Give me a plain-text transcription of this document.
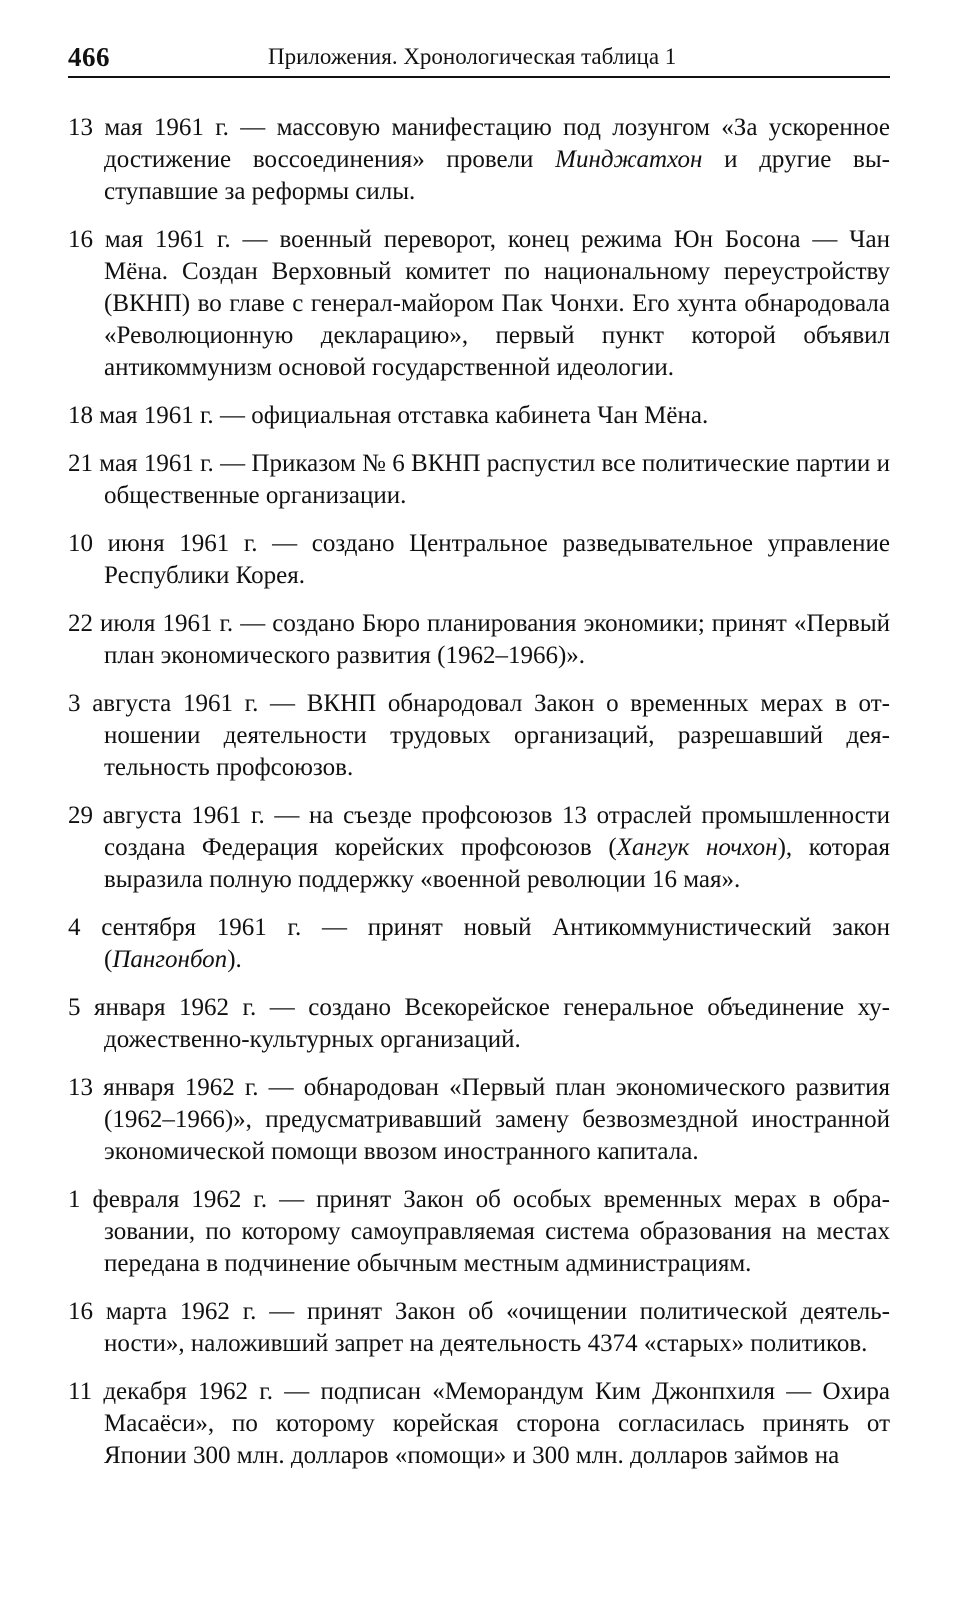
466	Приложения. Хронологическая таблица 1

13 мая 1961 г. — массовую манифестацию под лозунгом «За ускоренное достижение воссоединения» провели Минджатхон и другие выступавшие за реформы силы.

16 мая 1961 г. — военный переворот, конец режима Юн Босона — Чан Мёна. Создан Верховный комитет по национальному переустройству (ВКНП) во главе с генерал-майором Пак Чонхи. Его хунта обнародовала «Революционную декларацию», первый пункт которой объявил антикоммунизм основой государственной идеологии.

18 мая 1961 г. — официальная отставка кабинета Чан Мёна.

21 мая 1961 г. — Приказом № 6 ВКНП распустил все политические партии и общественные организации.

10 июня 1961 г. — создано Центральное разведывательное управление Республики Корея.

22 июля 1961 г. — создано Бюро планирования экономики; принят «Первый план экономического развития (1962–1966)».

3 августа 1961 г. — ВКНП обнародовал Закон о временных мерах в отношении деятельности трудовых организаций, разрешавший деятельность профсоюзов.

29 августа 1961 г. — на съезде профсоюзов 13 отраслей промышленности создана Федерация корейских профсоюзов (Хангук ночхон), которая выразила полную поддержку «военной революции 16 мая».

4 сентября 1961 г. — принят новый Антикоммунистический закон (Пангонбоп).

5 января 1962 г. — создано Всекорейское генеральное объединение художественно-культурных организаций.

13 января 1962 г. — обнародован «Первый план экономического развития (1962–1966)», предусматривавший замену безвозмездной иностранной экономической помощи ввозом иностранного капитала.

1 февраля 1962 г. — принят Закон об особых временных мерах в образовании, по которому самоуправляемая система образования на местах передана в подчинение обычным местным администрациям.

16 марта 1962 г. — принят Закон об «очищении политической деятельности», наложивший запрет на деятельность 4374 «старых» политиков.

11 декабря 1962 г. — подписан «Меморандум Ким Джонпхиля — Охира Масаёси», по которому корейская сторона согласилась принять от Японии 300 млн. долларов «помощи» и 300 млн. долларов займов на
